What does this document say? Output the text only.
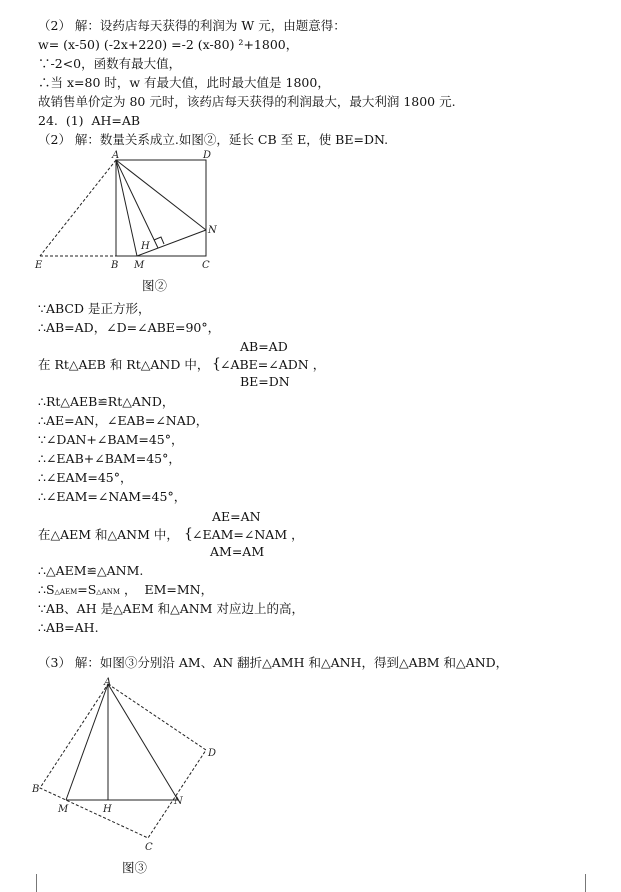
（2） 解：设药店每天获得的利润为 W 元，由题意得：
w= (x-50) (-2x+220) =-2 (x-80) ²+1800，
∵-2<0，函数有最大值，
∴当 x=80 时，w 有最大值，此时最大值是 1800，
故销售单价定为 80 元时，该药店每天获得的利润最大，最大利润 1800 元.
24.  (1)  AH=AB
（2） 解：数量关系成立.如图②，延长 CB 至 E，使 BE=DN.
A	D
N
H
E	B M	C
图②
∵ABCD 是正方形，
∴AB=AD，∠D=∠ABE=90°，
AB=AD
在 Rt△AEB 和 Rt△AND 中， { ∠ABE=∠ADN ，
BE=DN
∴Rt△AEB≌Rt△AND，
∴AE=AN，∠EAB=∠NAD，
∵∠DAN+∠BAM=45°，
∴∠EAB+∠BAM=45°，
∴∠EAM=45°，
∴∠EAM=∠NAM=45°，
AE=AN
在△AEM 和△ANM 中， { ∠EAM=∠NAM ，
AM=AM
∴△AEM≌△ANM.
∴S△AEM=S△ANM ，  EM=MN，
∵AB、AH 是△AEM 和△ANM 对应边上的高，
∴AB=AH.
（3） 解：如图③分别沿 AM、AN 翻折△AMH 和△ANH，得到△ABM 和△AND，
A
D
B
M	H
N
C
图③
